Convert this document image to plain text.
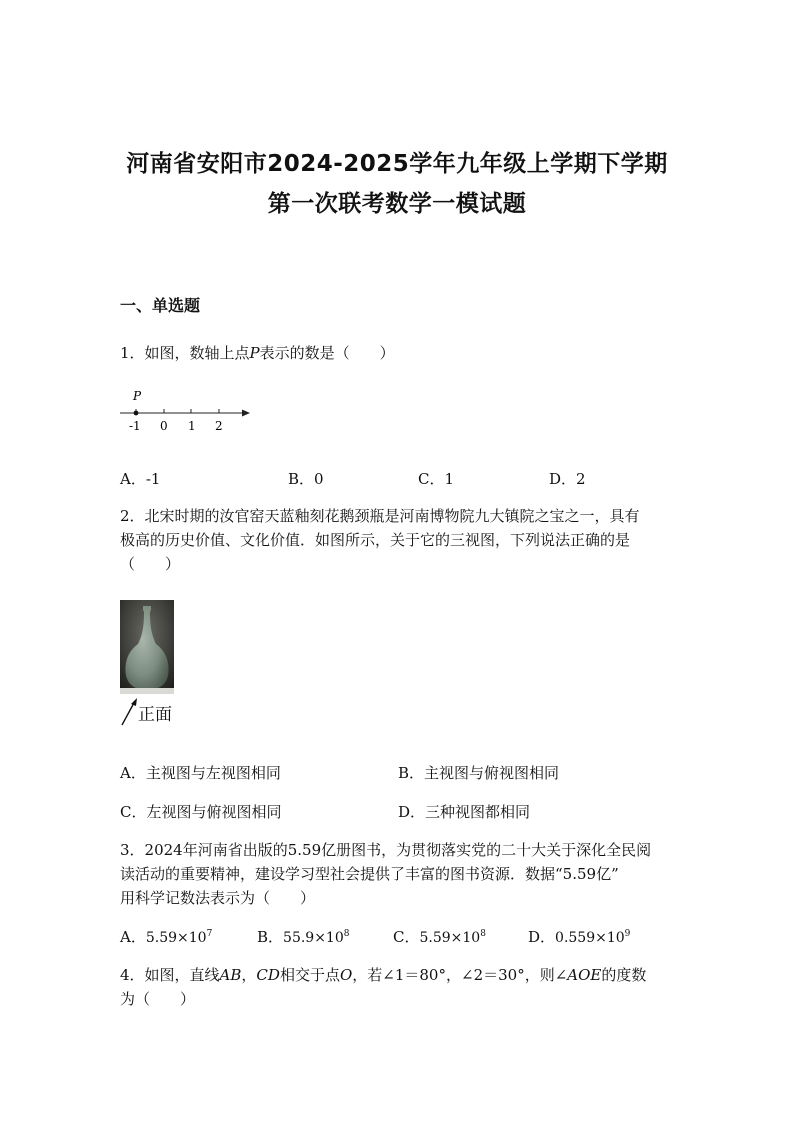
河南省安阳市2024-2025学年九年级上学期下学期
第一次联考数学一模试题
一、单选题
1．如图，数轴上点P表示的数是（　　）
P
-1 0 1 2
A．-1	B．0	C．1	D．2
2．北宋时期的汝官窑天蓝釉刻花鹅颈瓶是河南博物院九大镇院之宝之一，具有
极高的历史价值、文化价值．如图所示，关于它的三视图，下列说法正确的是
（　　）
正面
A．主视图与左视图相同	B．主视图与俯视图相同
C．左视图与俯视图相同	D．三种视图都相同
3．2024年河南省出版的5.59亿册图书，为贯彻落实党的二十大关于深化全民阅
读活动的重要精神，建设学习型社会提供了丰富的图书资源．数据“5.59亿”
用科学记数法表示为（　　）
A．$5.59\times 10^7$	B．$55.9\times 10^8$	C．$5.59\times 10^8$	D．$0.559\times 10^9$
4．如图，直线AB，CD相交于点O，若∠1＝80°，∠2＝30°，则∠AOE的度数
为（　　）
